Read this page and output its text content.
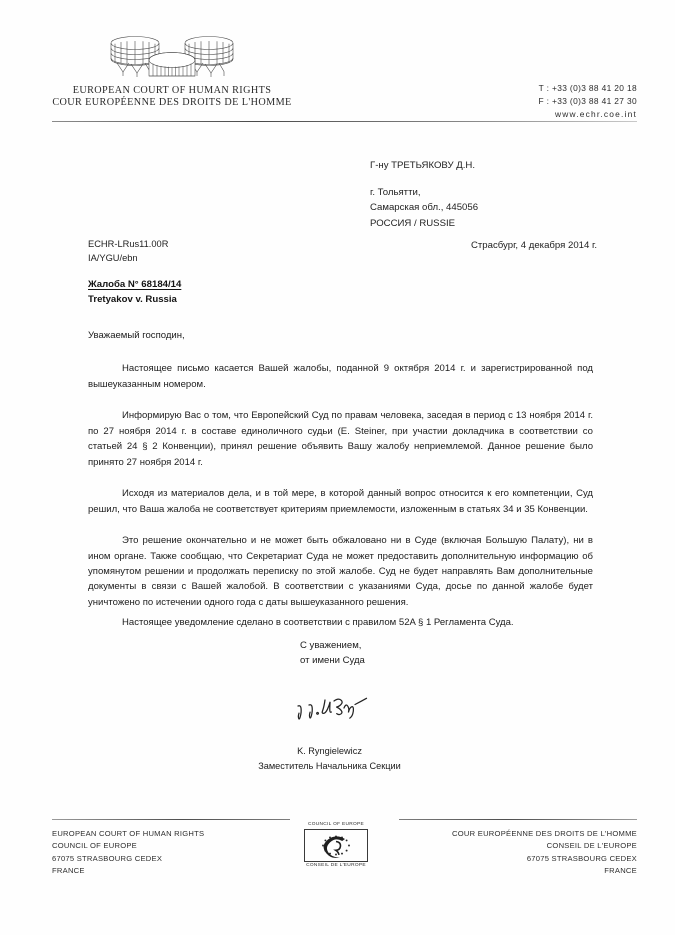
EUROPEAN COURT OF HUMAN RIGHTS
COUR EUROPÉENNE DES DROITS DE L'HOMME
T : +33 (0)3 88 41 20 18
F : +33 (0)3 88 41 27 30
www.echr.coe.int
Г-ну ТРЕТЬЯКОВУ Д.Н.
г. Тольятти,
Самарская обл., 445056
РОССИЯ / RUSSIE
ECHR-LRus11.00R
IA/YGU/ebn
Страсбург, 4 декабря 2014 г.
Жалоба N° 68184/14
Tretyakov v. Russia

Уважаемый господин,

Настоящее письмо касается Вашей жалобы, поданной 9 октября 2014 г. и зарегистрированной под вышеуказанным номером.

Информирую Вас о том, что Европейский Суд по правам человека, заседая в период с 13 ноября 2014 г. по 27 ноября 2014 г. в составе единоличного судьи (E. Steiner, при участии докладчика в соответствии со статьей 24 § 2 Конвенции), принял решение объявить Вашу жалобу неприемлемой. Данное решение было принято 27 ноября 2014 г.

Исходя из материалов дела, и в той мере, в которой данный вопрос относится к его компетенции, Суд решил, что Ваша жалоба не соответствует критериям приемлемости, изложенным в статьях 34 и 35 Конвенции.

Это решение окончательно и не может быть обжаловано ни в Суде (включая Большую Палату), ни в ином органе. Также сообщаю, что Секретариат Суда не может предоставить дополнительную информацию об упомянутом решении и продолжать переписку по этой жалобе. Суд не будет направлять Вам дополнительные документы в связи с Вашей жалобой. В соответствии с указаниями Суда, досье по данной жалобе будет уничтожено по истечении одного года с даты вышеуказанного решения.

Настоящее уведомление сделано в соответствии с правилом 52A § 1 Регламента Суда.
С уважением,
от имени Суда
K. Ryngielewicz
Заместитель Начальника Секции
EUROPEAN COURT OF HUMAN RIGHTS
COUNCIL OF EUROPE
67075 STRASBOURG CEDEX
FRANCE
COUNCIL OF EUROPE
CONSEIL DE L'EUROPE
COUR EUROPÉENNE DES DROITS DE L'HOMME
CONSEIL DE L'EUROPE
67075 STRASBOURG CEDEX
FRANCE
